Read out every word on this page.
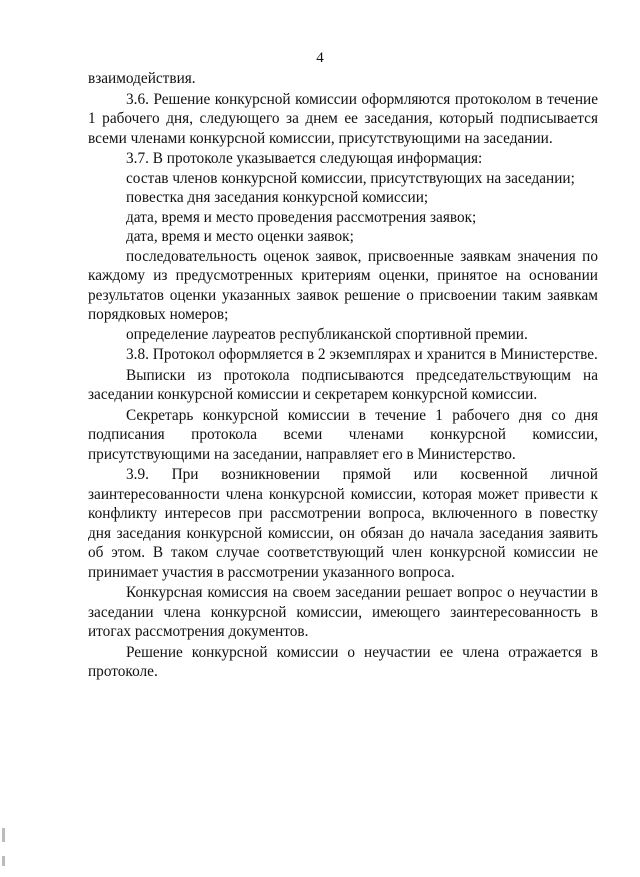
4

взаимодействия.

3.6. Решение конкурсной комиссии оформляются протоколом в течение 1 рабочего дня, следующего за днем ее заседания, который подписывается всеми членами конкурсной комиссии, присутствующими на заседании.

3.7. В протоколе указывается следующая информация:

состав членов конкурсной комиссии, присутствующих на заседании;

повестка дня заседания конкурсной комиссии;

дата, время и место проведения рассмотрения заявок;

дата, время и место оценки заявок;

последовательность оценок заявок, присвоенные заявкам значения по каждому из предусмотренных критериям оценки, принятое на основании результатов оценки указанных заявок решение о присвоении таким заявкам порядковых номеров;

определение лауреатов республиканской спортивной премии.

3.8. Протокол оформляется в 2 экземплярах и хранится в Министерстве.

Выписки из протокола подписываются председательствующим на заседании конкурсной комиссии и секретарем конкурсной комиссии.

Секретарь конкурсной комиссии в течение 1 рабочего дня со дня подписания протокола всеми членами конкурсной комиссии, присутствующими на заседании, направляет его в Министерство.

3.9. При возникновении прямой или косвенной личной заинтересованности члена конкурсной комиссии, которая может привести к конфликту интересов при рассмотрении вопроса, включенного в повестку дня заседания конкурсной комиссии, он обязан до начала заседания заявить об этом. В таком случае соответствующий член конкурсной комиссии не принимает участия в рассмотрении указанного вопроса.

Конкурсная комиссия на своем заседании решает вопрос о неучастии в заседании члена конкурсной комиссии, имеющего заинтересованность в итогах рассмотрения документов.

Решение конкурсной комиссии о неучастии ее члена отражается в протоколе.
